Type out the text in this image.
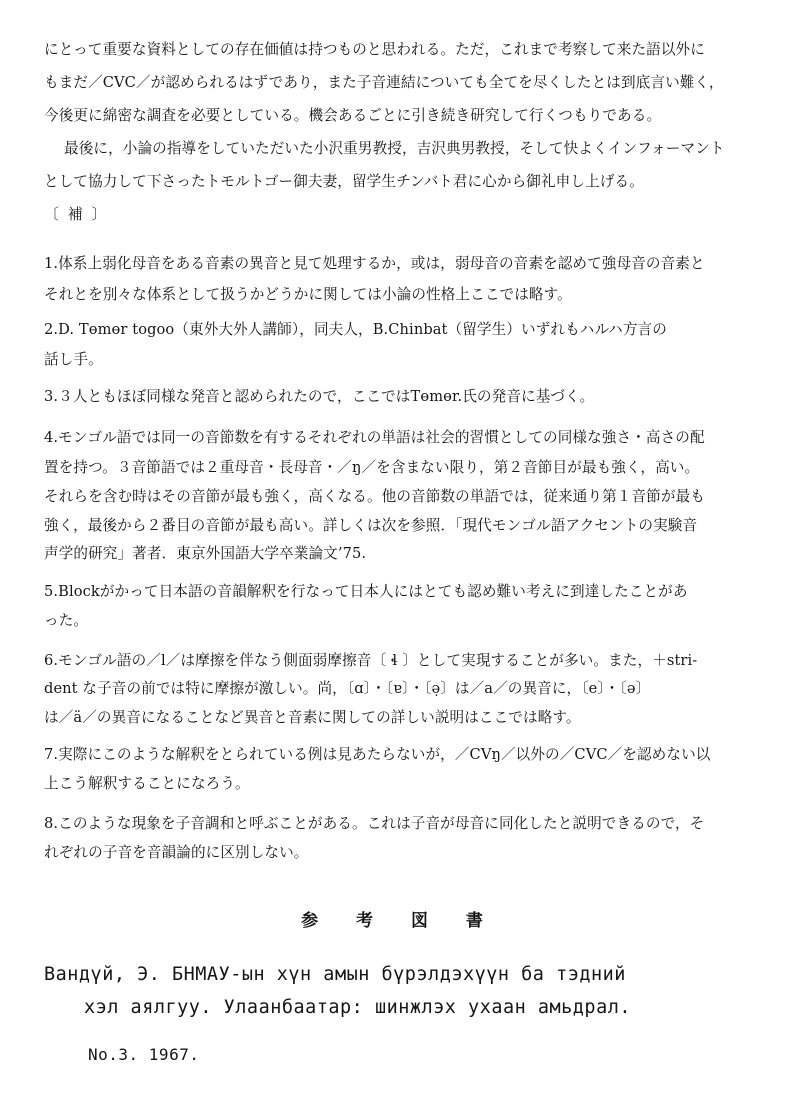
にとって重要な資料としての存在価値は持つものと思われる。ただ，これまで考察して来た語以外に
もまだ／CVC／が認められるはずであり，また子音連結についても全てを尽くしたとは到底言い難く，
今後更に綿密な調査を必要としている。機会あるごとに引き続き研究して行くつもりである。
最後に，小論の指導をしていただいた小沢重男教授，吉沢典男教授，そして快よくインフォーマント
として協力して下さったトモルトゴー御夫妻，留学生チンバト君に心から御礼申し上げる。
〔 補 〕
1.体系上弱化母音をある音素の異音と見て処理するか，或は，弱母音の音素を認めて強母音の音素と
それとを別々な体系として扱うかどうかに関しては小論の性格上ここでは略す。
2.D. Tөmөr togoo（東外大外人講師），同夫人，B.Chinbat（留学生）いずれもハルハ方言の
話し手。
3.３人ともほぼ同様な発音と認められたので，ここではTөmөr.氏の発音に基づく。
4.モンゴル語では同一の音節数を有するそれぞれの単語は社会的習慣としての同様な強さ・高さの配
置を持つ。３音節語では２重母音・長母音・／ŋ／を含まない限り，第２音節目が最も強く，高い。
それらを含む時はその音節が最も強く，高くなる。他の音節数の単語では，従来通り第１音節が最も
強く，最後から２番目の音節が最も高い。詳しくは次を参照．「現代モンゴル語アクセントの実験音
声学的研究」著者．東京外国語大学卒業論文’75.
5.Blockがかって日本語の音韻解釈を行なって日本人にはとても認め難い考えに到達したことがあ
った。
6.モンゴル語の／l／は摩擦を伴なう側面弱摩擦音〔 ɬ 〕として実現することが多い。また，＋stri-
dent な子音の前では特に摩擦が激しい。尚，〔ɑ〕・〔ɐ〕・〔ə̣〕は／a／の異音に，〔e〕・〔ə〕
は／ä／の異音になることなど異音と音素に関しての詳しい説明はここでは略す。
7.実際にこのような解釈をとられている例は見あたらないが，／CVŋ／以外の／CVC／を認めない以
上こう解釈することになろう。
8.このような現象を子音調和と呼ぶことがある。これは子音が母音に同化したと説明できるので，そ
れぞれの子音を音韻論的に区別しない。
参 考 図 書
Вандүй, Э. БНМАУ-ын хүн амын бүрэлдэхүүн ба тэдний
хэл аялгуу. Улаанбаатар: шинжлэх ухаан амьдрал.
No.3. 1967.
